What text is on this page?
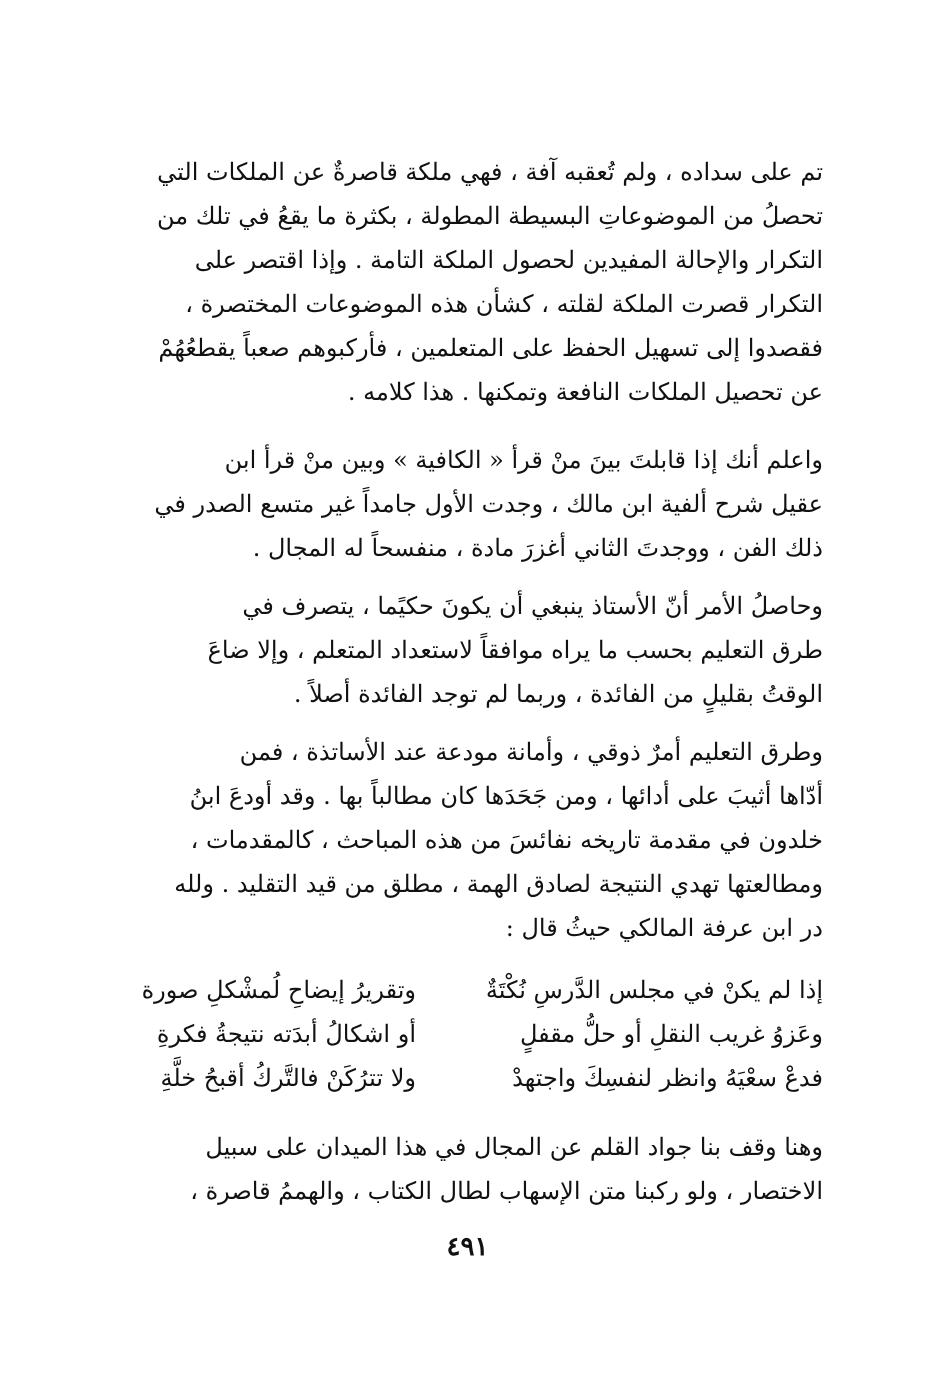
تم على سداده ، ولم تُعقبه آفة ، فهي ملكة قاصرةٌ عن الملكات التي
تحصلُ من الموضوعاتِ البسيطة المطولة ، بكثرة ما يقعُ في تلك من
التكرار والإحالة المفيدين لحصول الملكة التامة . وإذا اقتصر على
التكرار قصرت الملكة لقلته ، كشأن هذه الموضوعات المختصرة ،
فقصدوا إلى تسهيل الحفظ على المتعلمين ، فأركبوهم صعباً يقطعُهُمْ
عن تحصيل الملكات النافعة وتمكنها . هذا كلامه .
واعلم أنك إذا قابلتَ بينَ منْ قرأ « الكافية » وبين منْ قرأ ابن
عقيل شرح ألفية ابن مالك ، وجدت الأول جامداً غير متسع الصدر في
ذلك الفن ، ووجدتَ الثاني أغزرَ مادة ، منفسحاً له المجال .
وحاصلُ الأمر أنّ الأستاذ ينبغي أن يكونَ حكيًما ، يتصرف في
طرق التعليم بحسب ما يراه موافقاً لاستعداد المتعلم ، وإلا ضاعَ
الوقتُ بقليلٍ من الفائدة ، وربما لم توجد الفائدة أصلاً .
وطرق التعليم أمرٌ ذوقي ، وأمانة مودعة عند الأساتذة ، فمن
أدّاها أثيبَ على أدائها ، ومن جَحَدَها كان مطالباً بها . وقد أودعَ ابنُ
خلدون في مقدمة تاريخه نفائسَ من هذه المباحث ، كالمقدمات ،
ومطالعتها تهدي النتيجة لصادق الهمة ، مطلق من قيد التقليد . ولله
در ابن عرفة المالكي حيثُ قال :
إذا لم يكنْ في مجلس الدَّرسِ نُكْتَةٌ
وتقريرُ إيضاحِ لُمشْكلِ صورة
وعَزوُ غريب النقلِ أو حلُّ مقفلٍ
أو اشكالُ أبدَته نتيجةُ فكرةِ
فدعْ سعْيَهُ وانظر لنفسِكَ واجتهدْ
ولا تترُكَنْ فالتَّركُ أقبحُ خلَّةِ
وهنا وقف بنا جواد القلم عن المجال في هذا الميدان على سبيل
الاختصار ، ولو ركبنا متن الإسهاب لطال الكتاب ، والهممُ قاصرة ،
٤٩١
